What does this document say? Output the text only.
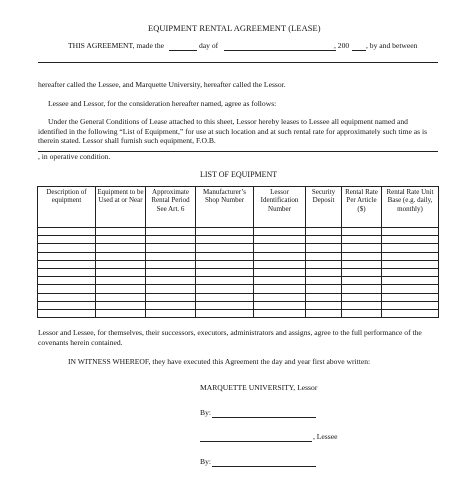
EQUIPMENT RENTAL AGREEMENT (LEASE)
THIS AGREEMENT, made the	day of	, 200 , by and between
hereafter called the Lessee, and Marquette University, hereafter called the Lessor.
Lessee and Lessor, for the consideration hereafter named, agree as follows:
Under the General Conditions of Lease attached to this sheet, Lessor hereby leases to Lessee all equipment named and identified in the following “List of Equipment,” for use at such location and at such rental rate for approximately such time as is therein stated. Lessor shall furnish such equipment, F.O.B.
, in operative condition.
LIST OF EQUIPMENT
Description of equipment	Equipment to be Used at or Near	Approximate Rental Period See Art. 6	Manufacturer’s Shop Number	Lessor Identification Number	Security Deposit	Rental Rate Per Article ($)	Rental Rate Unit Base (e.g. daily, monthly)

Lessor and Lessee, for themselves, their successors, executors, administrators and assigns, agree to the full performance of the covenants herein contained.
IN WITNESS WHEREOF, they have executed this Agreement the day and year first above written:
MARQUETTE UNIVERSITY, Lessor
By:
, Lessee
By:
